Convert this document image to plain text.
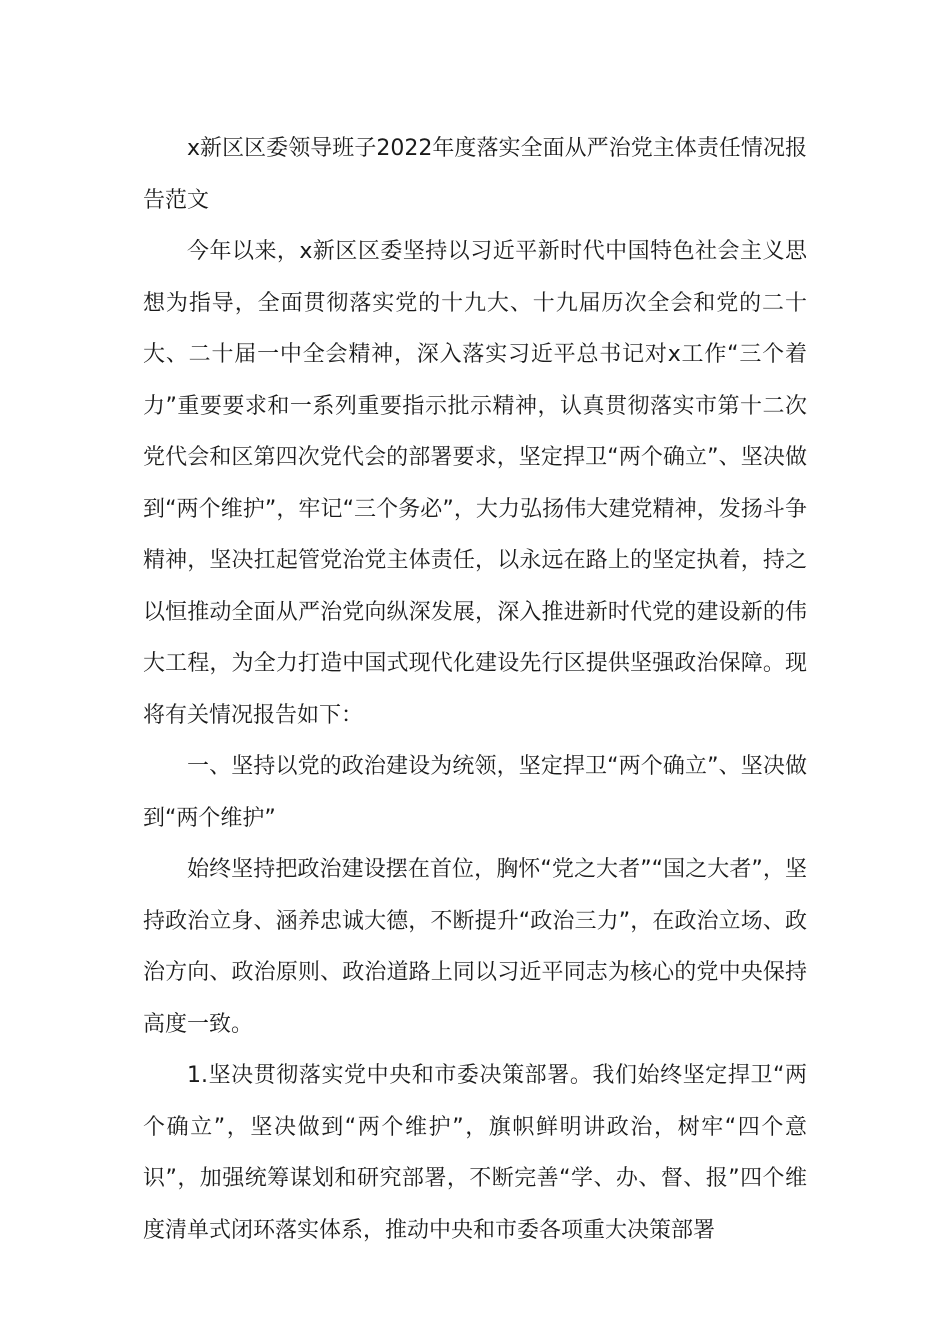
x新区区委领导班子2022年度落实全面从严治党主体责任情况报告范文

今年以来，x新区区委坚持以习近平新时代中国特色社会主义思想为指导，全面贯彻落实党的十九大、十九届历次全会和党的二十大、二十届一中全会精神，深入落实习近平总书记对x工作“三个着力”重要要求和一系列重要指示批示精神，认真贯彻落实市第十二次党代会和区第四次党代会的部署要求，坚定捍卫“两个确立”、坚决做到“两个维护”，牢记“三个务必”，大力弘扬伟大建党精神，发扬斗争精神，坚决扛起管党治党主体责任，以永远在路上的坚定执着，持之以恒推动全面从严治党向纵深发展，深入推进新时代党的建设新的伟大工程，为全力打造中国式现代化建设先行区提供坚强政治保障。现将有关情况报告如下：

一、坚持以党的政治建设为统领，坚定捍卫“两个确立”、坚决做到“两个维护”

始终坚持把政治建设摆在首位，胸怀“党之大者”“国之大者”，坚持政治立身、涵养忠诚大德，不断提升“政治三力”，在政治立场、政治方向、政治原则、政治道路上同以习近平同志为核心的党中央保持高度一致。

1.坚决贯彻落实党中央和市委决策部署。我们始终坚定捍卫“两个确立”，坚决做到“两个维护”，旗帜鲜明讲政治，树牢“四个意识”，加强统筹谋划和研究部署，不断完善“学、办、督、报”四个维度清单式闭环落实体系，推动中央和市委各项重大决策部署
